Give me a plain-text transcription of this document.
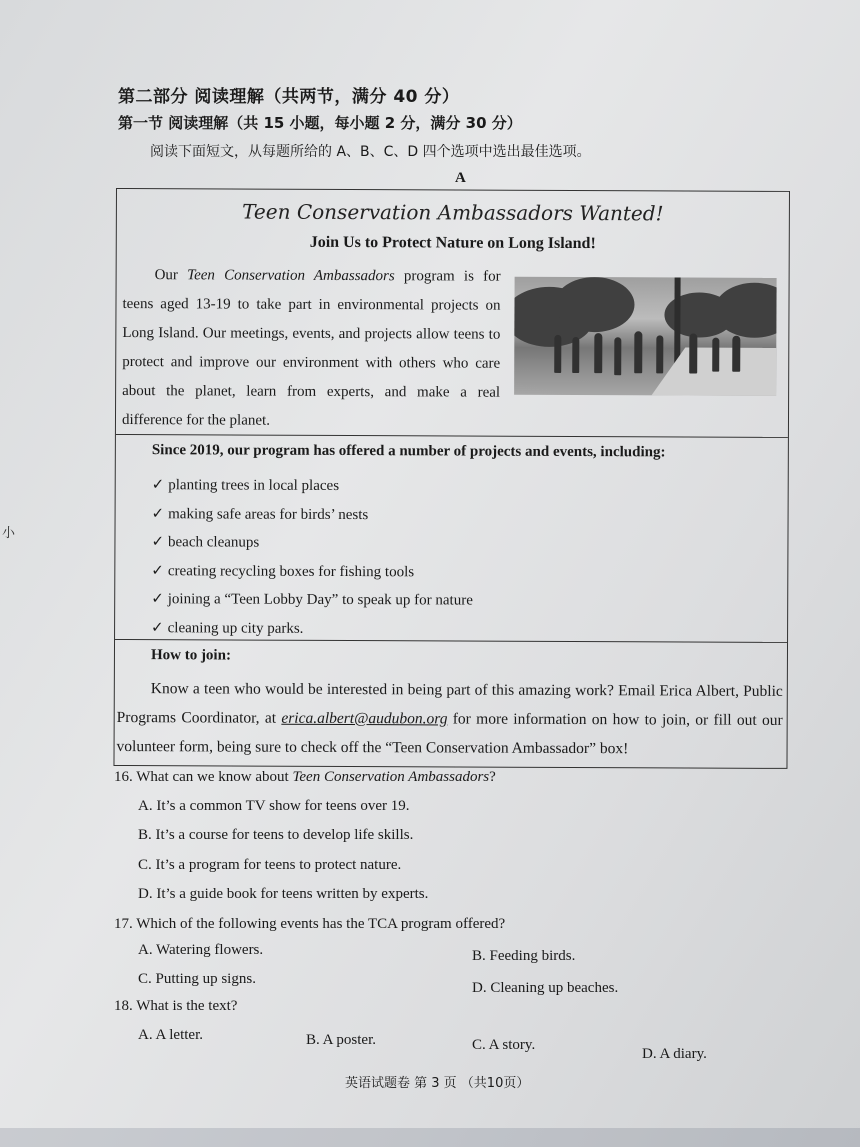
小
第二部分 阅读理解（共两节，满分 40 分）
第一节 阅读理解（共 15 小题，每小题 2 分，满分 30 分）
阅读下面短文，从每题所给的 A、B、C、D 四个选项中选出最佳选项。
A
Teen Conservation Ambassadors Wanted!
Join Us to Protect Nature on Long Island!
Our Teen Conservation Ambassadors program is for teens aged 13-19 to take part in environmental projects on Long Island. Our meetings, events, and projects allow teens to protect and improve our environment with others who care about the planet, learn from experts, and make a real difference for the planet.
Since 2019, our program has offered a number of projects and events, including:
✓ planting trees in local places
✓ making safe areas for birds’ nests
✓ beach cleanups
✓ creating recycling boxes for fishing tools
✓ joining a “Teen Lobby Day” to speak up for nature
✓ cleaning up city parks.
How to join:
Know a teen who would be interested in being part of this amazing work? Email Erica Albert, Public Programs Coordinator, at erica.albert@audubon.org for more information on how to join, or fill out our volunteer form, being sure to check off the “Teen Conservation Ambassador” box!
16. What can we know about Teen Conservation Ambassadors?
A. It’s a common TV show for teens over 19.
B. It’s a course for teens to develop life skills.
C. It’s a program for teens to protect nature.
D. It’s a guide book for teens written by experts.
17. Which of the following events has the TCA program offered?
A. Watering flowers.	B. Feeding birds.
C. Putting up signs.
D. Cleaning up beaches.
18. What is the text?
A. A letter.	B. A poster.	C. A story.
D. A diary.
英语试题卷 第 3 页 （共10页）
